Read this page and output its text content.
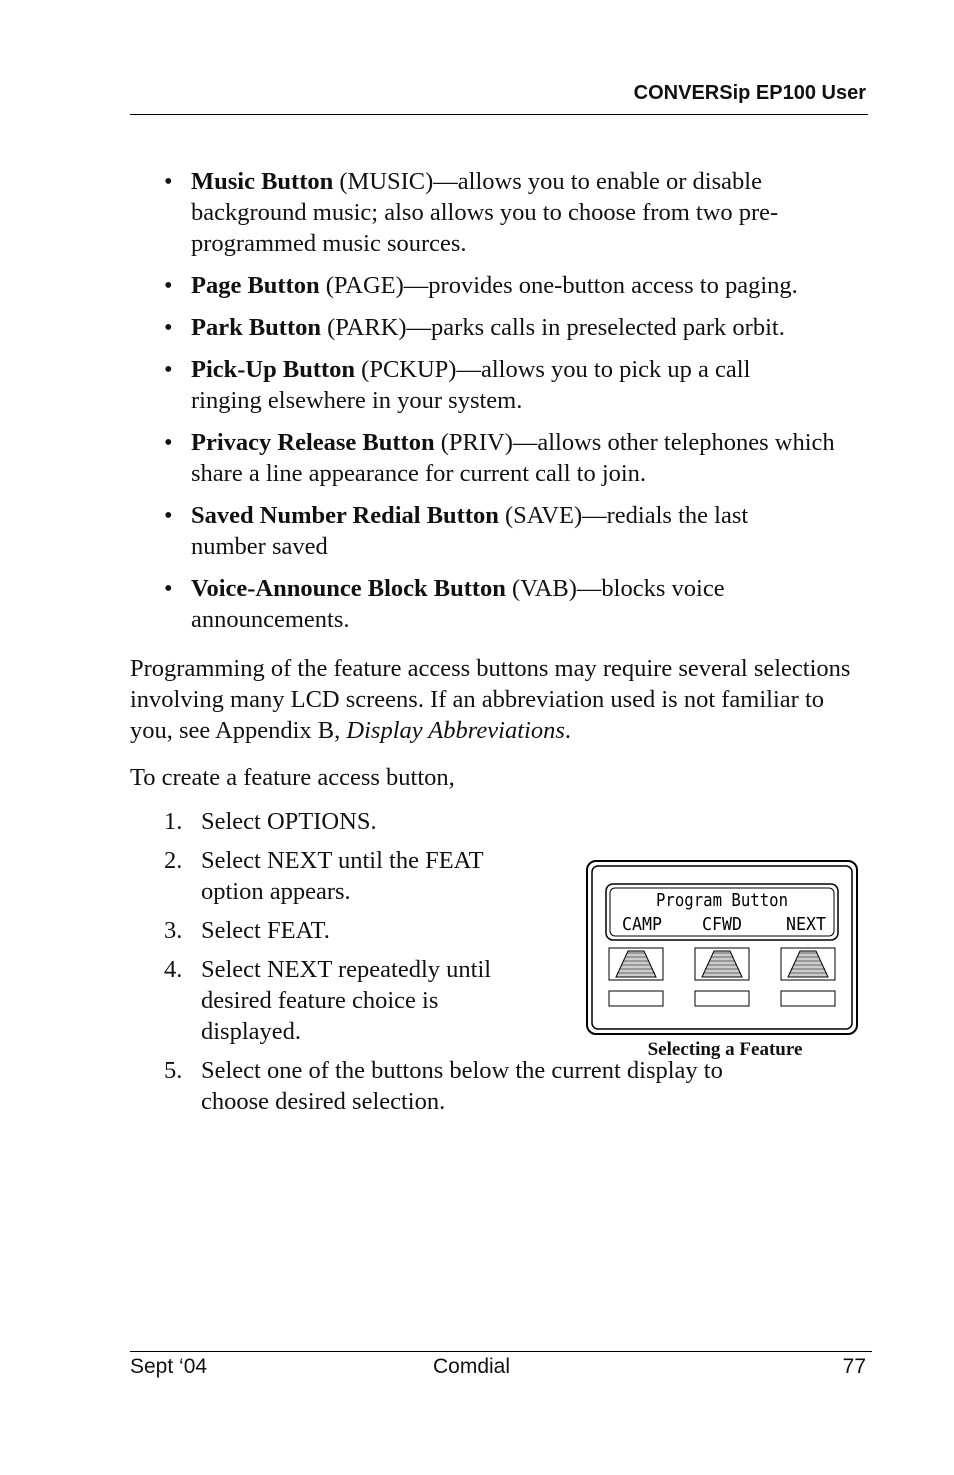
CONVERSip EP100 User
• Music Button (MUSIC)—allows you to enable or disable background music; also allows you to choose from two pre-programmed music sources.
• Page Button (PAGE)—provides one-button access to paging.
• Park Button (PARK)—parks calls in preselected park orbit.
• Pick-Up Button (PCKUP)—allows you to pick up a call ringing elsewhere in your system.
• Privacy Release Button (PRIV)—allows other telephones which share a line appearance for current call to join.
• Saved Number Redial Button (SAVE)—redials the last number saved
• Voice-Announce Block Button (VAB)—blocks voice announcements.
Programming of the feature access buttons may require several selections involving many LCD screens. If an abbreviation used is not familiar to you, see Appendix B, Display Abbreviations.
To create a feature access button,
1. Select OPTIONS.
2. Select NEXT until the FEAT option appears.
3. Select FEAT.
4. Select NEXT repeatedly until desired feature choice is displayed.
5. Select one of the buttons below the current display to choose desired selection.
Program Button
CAMP CFWD NEXT
Selecting a Feature
Sept ‘04	Comdial	77
